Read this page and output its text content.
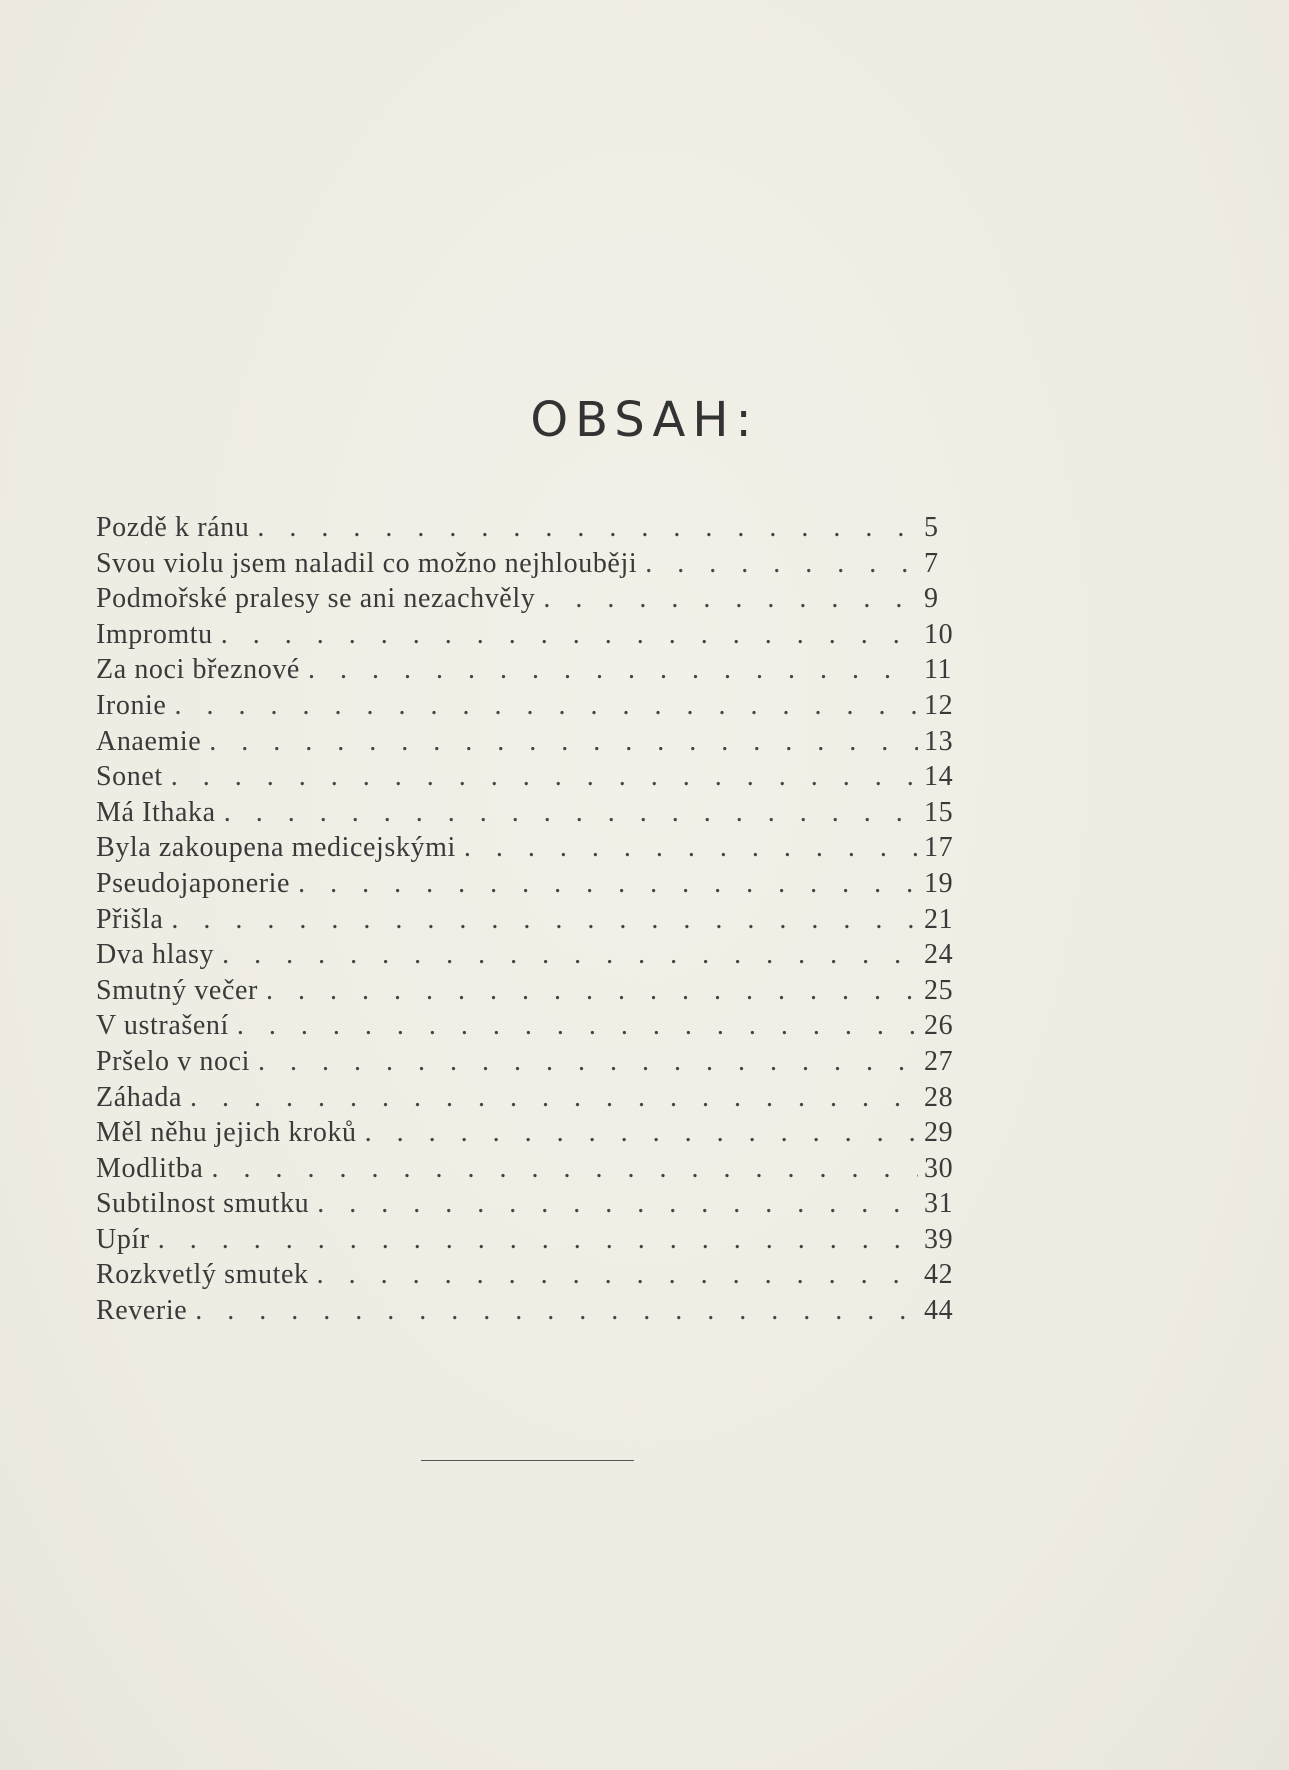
OBSAH:
Pozdě k ránu . . .	5
Svou violu jsem naladil co možno nejhlouběji . . .	7
Podmořské pralesy se ani nezachvěly . . .	9
Impromtu . . .	10
Za noci březnové . . .	11
Ironie . . .	12
Anaemie . . .	13
Sonet . . .	14
Má Ithaka . . .	15
Byla zakoupena medicejskými . . .	17
Pseudojaponerie . . .	19
Přišla . . .	21
Dva hlasy . . .	24
Smutný večer . . .	25
V ustrašení . . .	26
Pršelo v noci . . .	27
Záhada . . .	28
Měl něhu jejich kroků . . .	29
Modlitba . . .	30
Subtilnost smutku . . .	31
Upír . . .	39
Rozkvetlý smutek . . .	42
Reverie . . .	44
